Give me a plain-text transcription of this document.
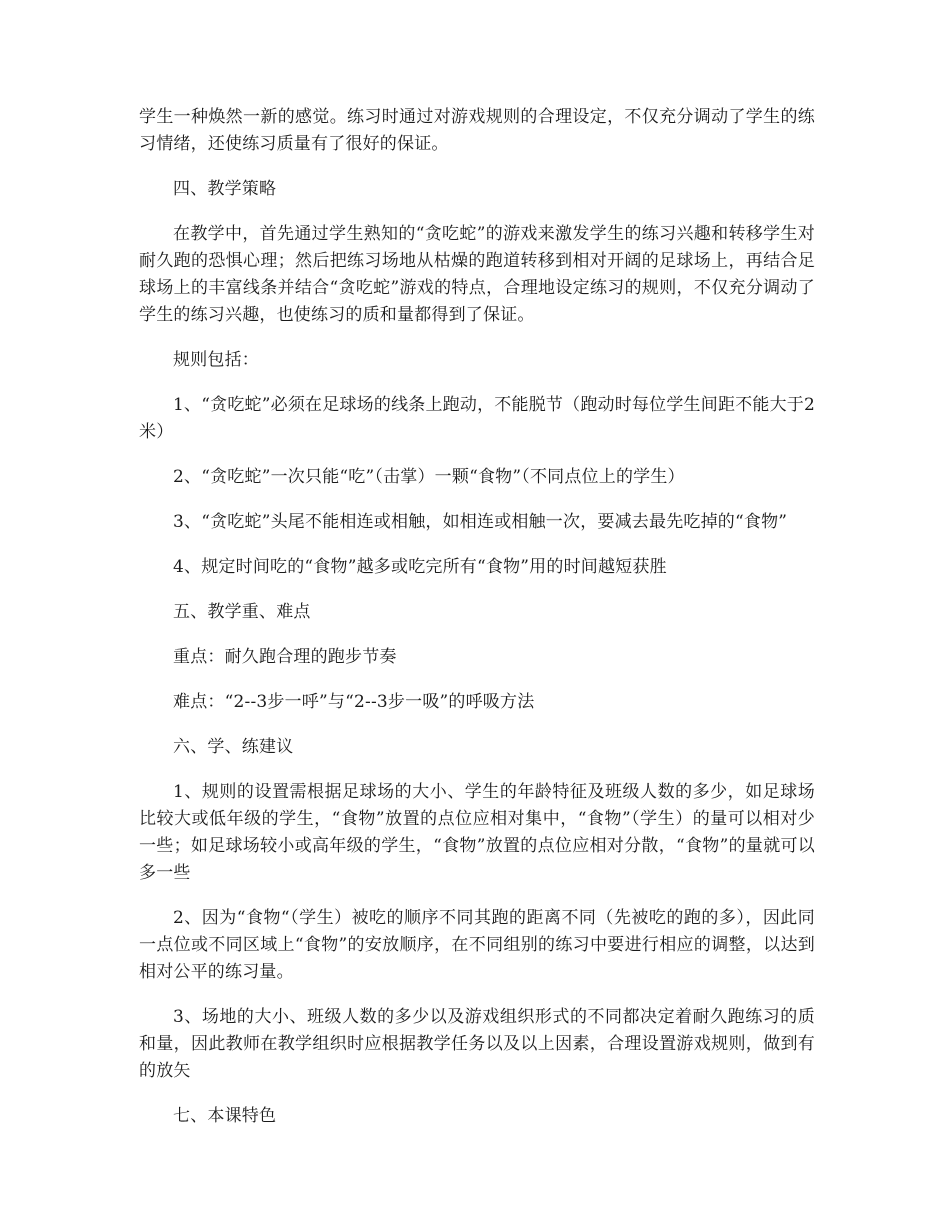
学生一种焕然一新的感觉。练习时通过对游戏规则的合理设定，不仅充分调动了学生的练习情绪，还使练习质量有了很好的保证。

四、教学策略

在教学中，首先通过学生熟知的“贪吃蛇”的游戏来激发学生的练习兴趣和转移学生对耐久跑的恐惧心理；然后把练习场地从枯燥的跑道转移到相对开阔的足球场上，再结合足球场上的丰富线条并结合“贪吃蛇”游戏的特点，合理地设定练习的规则，不仅充分调动了学生的练习兴趣，也使练习的质和量都得到了保证。

规则包括：

1、“贪吃蛇”必须在足球场的线条上跑动，不能脱节（跑动时每位学生间距不能大于2米）

2、“贪吃蛇”一次只能“吃”（击掌）一颗“食物”（不同点位上的学生）

3、“贪吃蛇”头尾不能相连或相触，如相连或相触一次，要减去最先吃掉的“食物”

4、规定时间吃的“食物”越多或吃完所有“食物”用的时间越短获胜

五、教学重、难点

重点：耐久跑合理的跑步节奏

难点：“2--3步一呼”与“2--3步一吸”的呼吸方法

六、学、练建议

1、规则的设置需根据足球场的大小、学生的年龄特征及班级人数的多少，如足球场比较大或低年级的学生，“食物”放置的点位应相对集中，“食物”（学生）的量可以相对少一些；如足球场较小或高年级的学生，“食物”放置的点位应相对分散，“食物”的量就可以多一些

2、因为“食物“（学生）被吃的顺序不同其跑的距离不同（先被吃的跑的多），因此同一点位或不同区域上“食物”的安放顺序，在不同组别的练习中要进行相应的调整，以达到相对公平的练习量。

3、场地的大小、班级人数的多少以及游戏组织形式的不同都决定着耐久跑练习的质和量，因此教师在教学组织时应根据教学任务以及以上因素，合理设置游戏规则，做到有的放矢

七、本课特色
